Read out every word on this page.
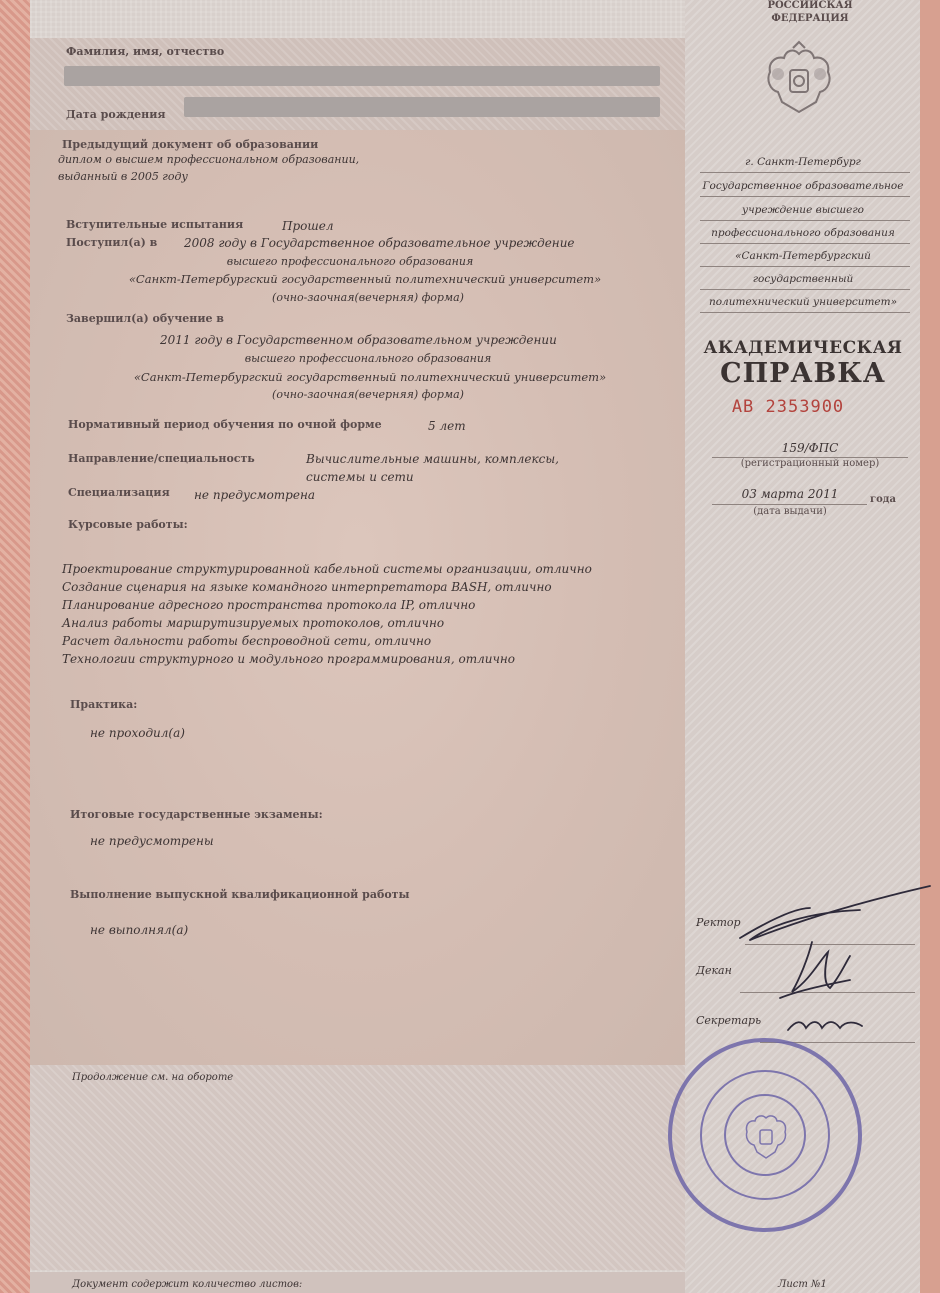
РОССИЙСКАЯ
ФЕДЕРАЦИЯ
Фамилия, имя, отчество
Дата рождения
Предыдущий документ об образовании
диплом о высшем профессиональном образовании,
выданный в 2005 году
Вступительные испытания	Прошел
Поступил(а) в 2008 году в Государственное образовательное учреждение
высшего профессионального образования
«Санкт-Петербургский государственный политехнический университет»
(очно-заочная(вечерняя) форма)
Завершил(а) обучение в
2011 году в Государственном образовательном учреждении
высшего профессионального образования
«Санкт-Петербургский государственный политехнический университет»
(очно-заочная(вечерняя) форма)
Нормативный период обучения по очной форме	5 лет
Направление/специальность	Вычислительные машины, комплексы,
системы и сети
Специализация не предусмотрена
Курсовые работы:
Проектирование структурированной кабельной системы организации, отлично
Создание сценария на языке командного интерпретатора BASH, отлично
Планирование адресного пространства протокола IP, отлично
Анализ работы маршрутизируемых протоколов, отлично
Расчет дальности работы беспроводной сети, отлично
Технологии структурного и модульного программирования, отлично
Практика:
не проходил(а)
Итоговые государственные экзамены:
не предусмотрены
Выполнение выпускной квалификационной работы
не выполнял(а)
Продолжение см. на обороте
Документ содержит количество листов:	Лист №1
г. Санкт-Петербург
Государственное образовательное
учреждение высшего
профессионального образования
«Санкт-Петербургский
государственный
политехнический университет»
АКАДЕМИЧЕСКАЯ
СПРАВКА
АВ 2353900
159/ФПС
(регистрационный номер)
03 марта 2011	года
(дата выдачи)
Ректор
Декан
Секретарь
